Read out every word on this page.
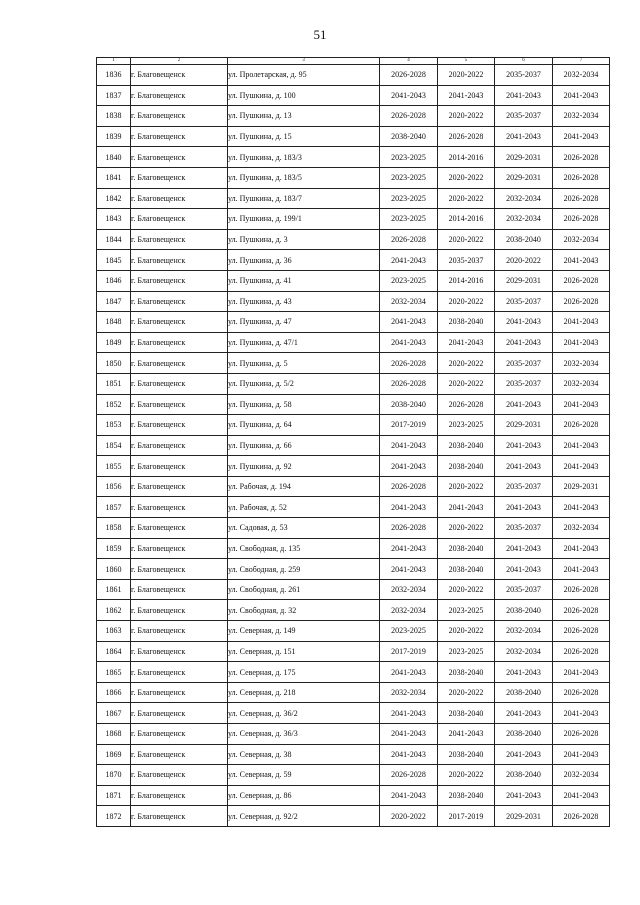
51
1	2	3	4	5	6	7
1836	г. Благовещенск	ул. Пролетарская, д. 95	2026-2028	2020-2022	2035-2037	2032-2034
1837	г. Благовещенск	ул. Пушкина, д. 100	2041-2043	2041-2043	2041-2043	2041-2043
1838	г. Благовещенск	ул. Пушкина, д. 13	2026-2028	2020-2022	2035-2037	2032-2034
1839	г. Благовещенск	ул. Пушкина, д. 15	2038-2040	2026-2028	2041-2043	2041-2043
1840	г. Благовещенск	ул. Пушкина, д. 183/3	2023-2025	2014-2016	2029-2031	2026-2028
1841	г. Благовещенск	ул. Пушкина, д. 183/5	2023-2025	2020-2022	2029-2031	2026-2028
1842	г. Благовещенск	ул. Пушкина, д. 183/7	2023-2025	2020-2022	2032-2034	2026-2028
1843	г. Благовещенск	ул. Пушкина, д. 199/1	2023-2025	2014-2016	2032-2034	2026-2028
1844	г. Благовещенск	ул. Пушкина, д. 3	2026-2028	2020-2022	2038-2040	2032-2034
1845	г. Благовещенск	ул. Пушкина, д. 36	2041-2043	2035-2037	2020-2022	2041-2043
1846	г. Благовещенск	ул. Пушкина, д. 41	2023-2025	2014-2016	2029-2031	2026-2028
1847	г. Благовещенск	ул. Пушкина, д. 43	2032-2034	2020-2022	2035-2037	2026-2028
1848	г. Благовещенск	ул. Пушкина, д. 47	2041-2043	2038-2040	2041-2043	2041-2043
1849	г. Благовещенск	ул. Пушкина, д. 47/1	2041-2043	2041-2043	2041-2043	2041-2043
1850	г. Благовещенск	ул. Пушкина, д. 5	2026-2028	2020-2022	2035-2037	2032-2034
1851	г. Благовещенск	ул. Пушкина, д. 5/2	2026-2028	2020-2022	2035-2037	2032-2034
1852	г. Благовещенск	ул. Пушкина, д. 58	2038-2040	2026-2028	2041-2043	2041-2043
1853	г. Благовещенск	ул. Пушкина, д. 64	2017-2019	2023-2025	2029-2031	2026-2028
1854	г. Благовещенск	ул. Пушкина, д. 66	2041-2043	2038-2040	2041-2043	2041-2043
1855	г. Благовещенск	ул. Пушкина, д. 92	2041-2043	2038-2040	2041-2043	2041-2043
1856	г. Благовещенск	ул. Рабочая, д. 194	2026-2028	2020-2022	2035-2037	2029-2031
1857	г. Благовещенск	ул. Рабочая, д. 52	2041-2043	2041-2043	2041-2043	2041-2043
1858	г. Благовещенск	ул. Садовая, д. 53	2026-2028	2020-2022	2035-2037	2032-2034
1859	г. Благовещенск	ул. Свободная, д. 135	2041-2043	2038-2040	2041-2043	2041-2043
1860	г. Благовещенск	ул. Свободная, д. 259	2041-2043	2038-2040	2041-2043	2041-2043
1861	г. Благовещенск	ул. Свободная, д. 261	2032-2034	2020-2022	2035-2037	2026-2028
1862	г. Благовещенск	ул. Свободная, д. 32	2032-2034	2023-2025	2038-2040	2026-2028
1863	г. Благовещенск	ул. Северная, д. 149	2023-2025	2020-2022	2032-2034	2026-2028
1864	г. Благовещенск	ул. Северная, д. 151	2017-2019	2023-2025	2032-2034	2026-2028
1865	г. Благовещенск	ул. Северная, д. 175	2041-2043	2038-2040	2041-2043	2041-2043
1866	г. Благовещенск	ул. Северная, д. 218	2032-2034	2020-2022	2038-2040	2026-2028
1867	г. Благовещенск	ул. Северная, д. 36/2	2041-2043	2038-2040	2041-2043	2041-2043
1868	г. Благовещенск	ул. Северная, д. 36/3	2041-2043	2041-2043	2038-2040	2026-2028
1869	г. Благовещенск	ул. Северная, д. 38	2041-2043	2038-2040	2041-2043	2041-2043
1870	г. Благовещенск	ул. Северная, д. 59	2026-2028	2020-2022	2038-2040	2032-2034
1871	г. Благовещенск	ул. Северная, д. 86	2041-2043	2038-2040	2041-2043	2041-2043
1872	г. Благовещенск	ул. Северная, д. 92/2	2020-2022	2017-2019	2029-2031	2026-2028
